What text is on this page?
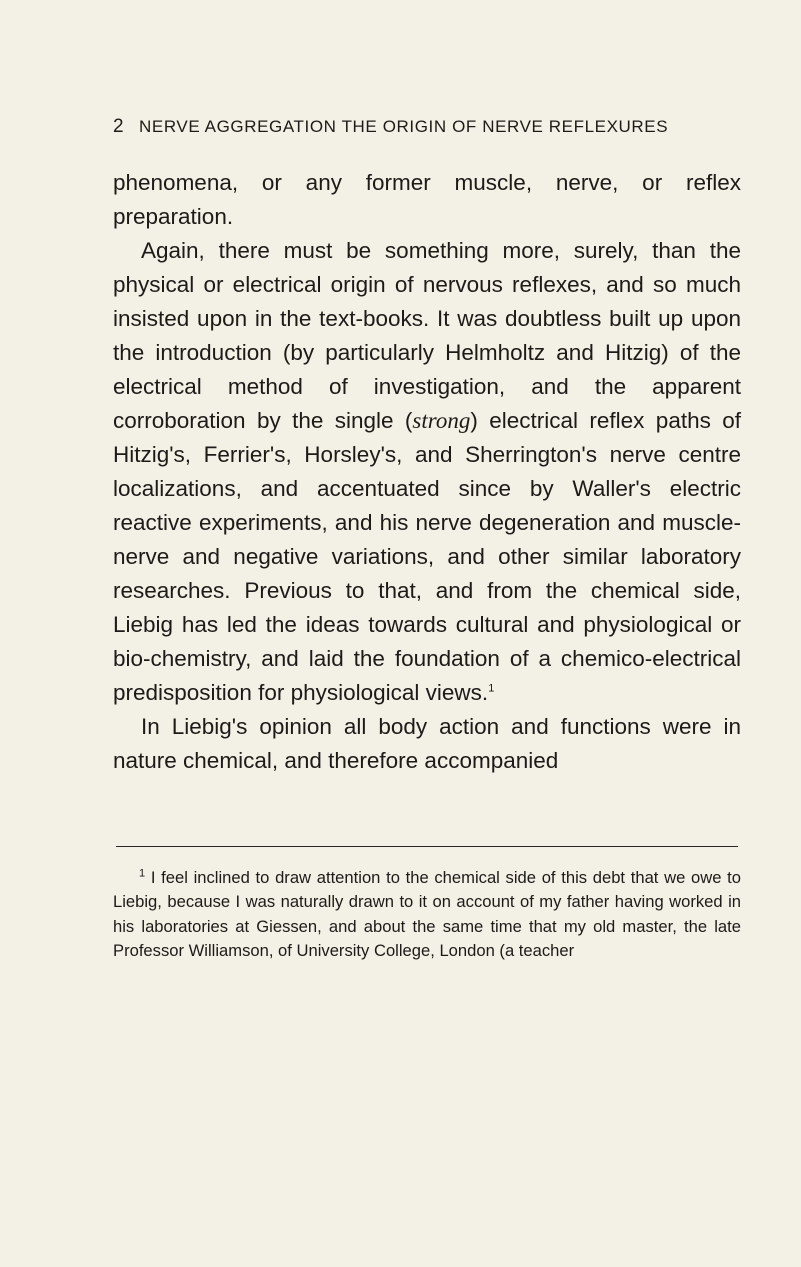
2 NERVE AGGREGATION THE ORIGIN OF NERVE REFLEXURES

phenomena, or any former muscle, nerve, or reflex preparation.

Again, there must be something more, surely, than the physical or electrical origin of nervous reflexes, and so much insisted upon in the text-books. It was doubtless built up upon the introduction (by particularly Helmholtz and Hitzig) of the electrical method of investigation, and the apparent corroboration by the single (strong) electrical reflex paths of Hitzig's, Ferrier's, Horsley's, and Sherrington's nerve centre localizations, and accentuated since by Waller's electric reactive experiments, and his nerve degeneration and muscle-nerve and negative variations, and other similar laboratory researches. Previous to that, and from the chemical side, Liebig has led the ideas towards cultural and physiological or bio-chemistry, and laid the foundation of a chemico-electrical predisposition for physiological views.$^1$

In Liebig's opinion all body action and functions were in nature chemical, and therefore accompanied

$^1$ I feel inclined to draw attention to the chemical side of this debt that we owe to Liebig, because I was naturally drawn to it on account of my father having worked in his laboratories at Giessen, and about the same time that my old master, the late Professor Williamson, of University College, London (a teacher
